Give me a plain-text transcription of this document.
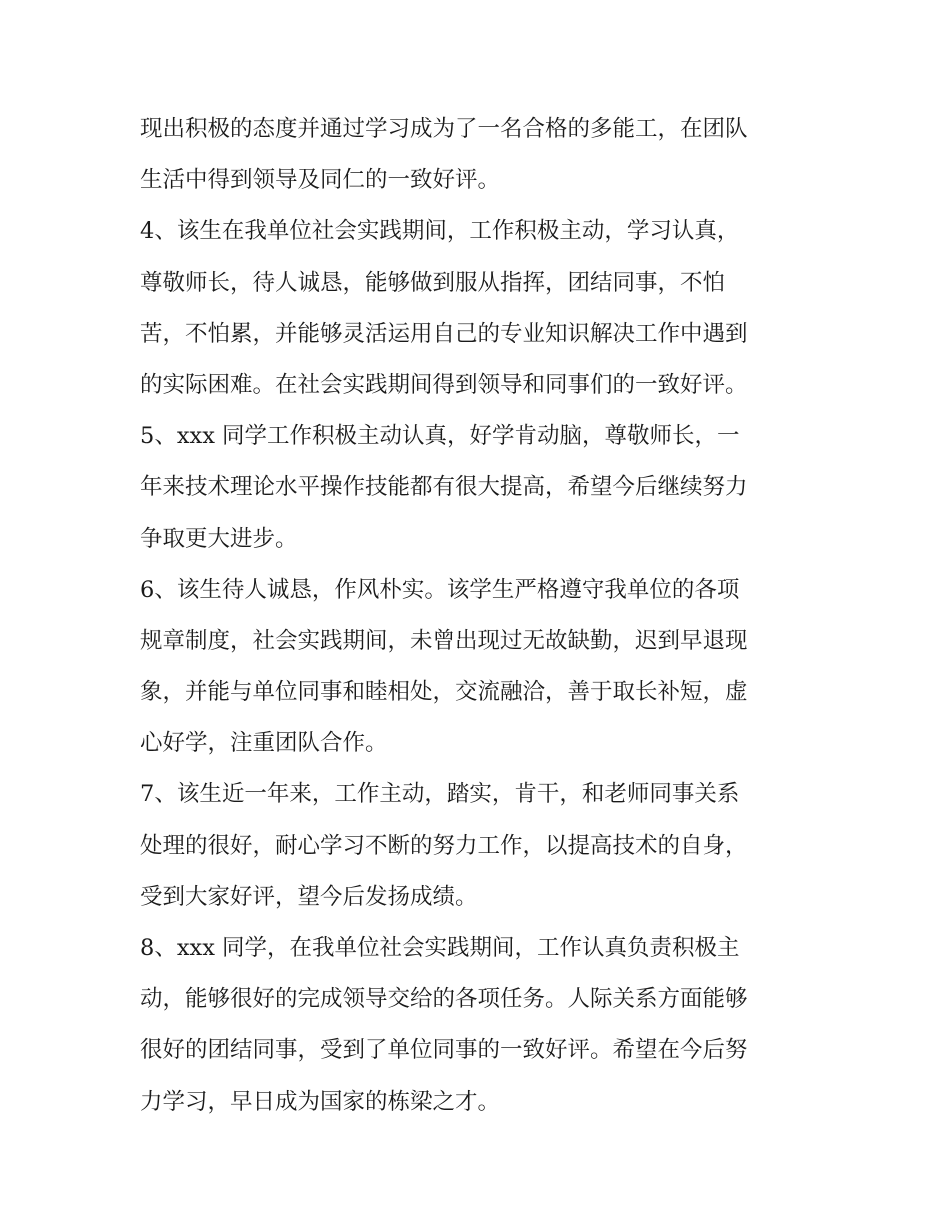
现出积极的态度并通过学习成为了一名合格的多能工，在团队
生活中得到领导及同仁的一致好评。
4、该生在我单位社会实践期间，工作积极主动，学习认真，
尊敬师长，待人诚恳，能够做到服从指挥，团结同事，不怕
苦，不怕累，并能够灵活运用自己的专业知识解决工作中遇到
的实际困难。在社会实践期间得到领导和同事们的一致好评。
5、xxx 同学工作积极主动认真，好学肯动脑，尊敬师长，一
年来技术理论水平操作技能都有很大提高，希望今后继续努力
争取更大进步。
6、该生待人诚恳，作风朴实。该学生严格遵守我单位的各项
规章制度，社会实践期间，未曾出现过无故缺勤，迟到早退现
象，并能与单位同事和睦相处，交流融洽，善于取长补短，虚
心好学，注重团队合作。
7、该生近一年来，工作主动，踏实，肯干，和老师同事关系
处理的很好，耐心学习不断的努力工作，以提高技术的自身，
受到大家好评，望今后发扬成绩。
8、xxx 同学，在我单位社会实践期间，工作认真负责积极主
动，能够很好的完成领导交给的各项任务。人际关系方面能够
很好的团结同事，受到了单位同事的一致好评。希望在今后努
力学习，早日成为国家的栋梁之才。
